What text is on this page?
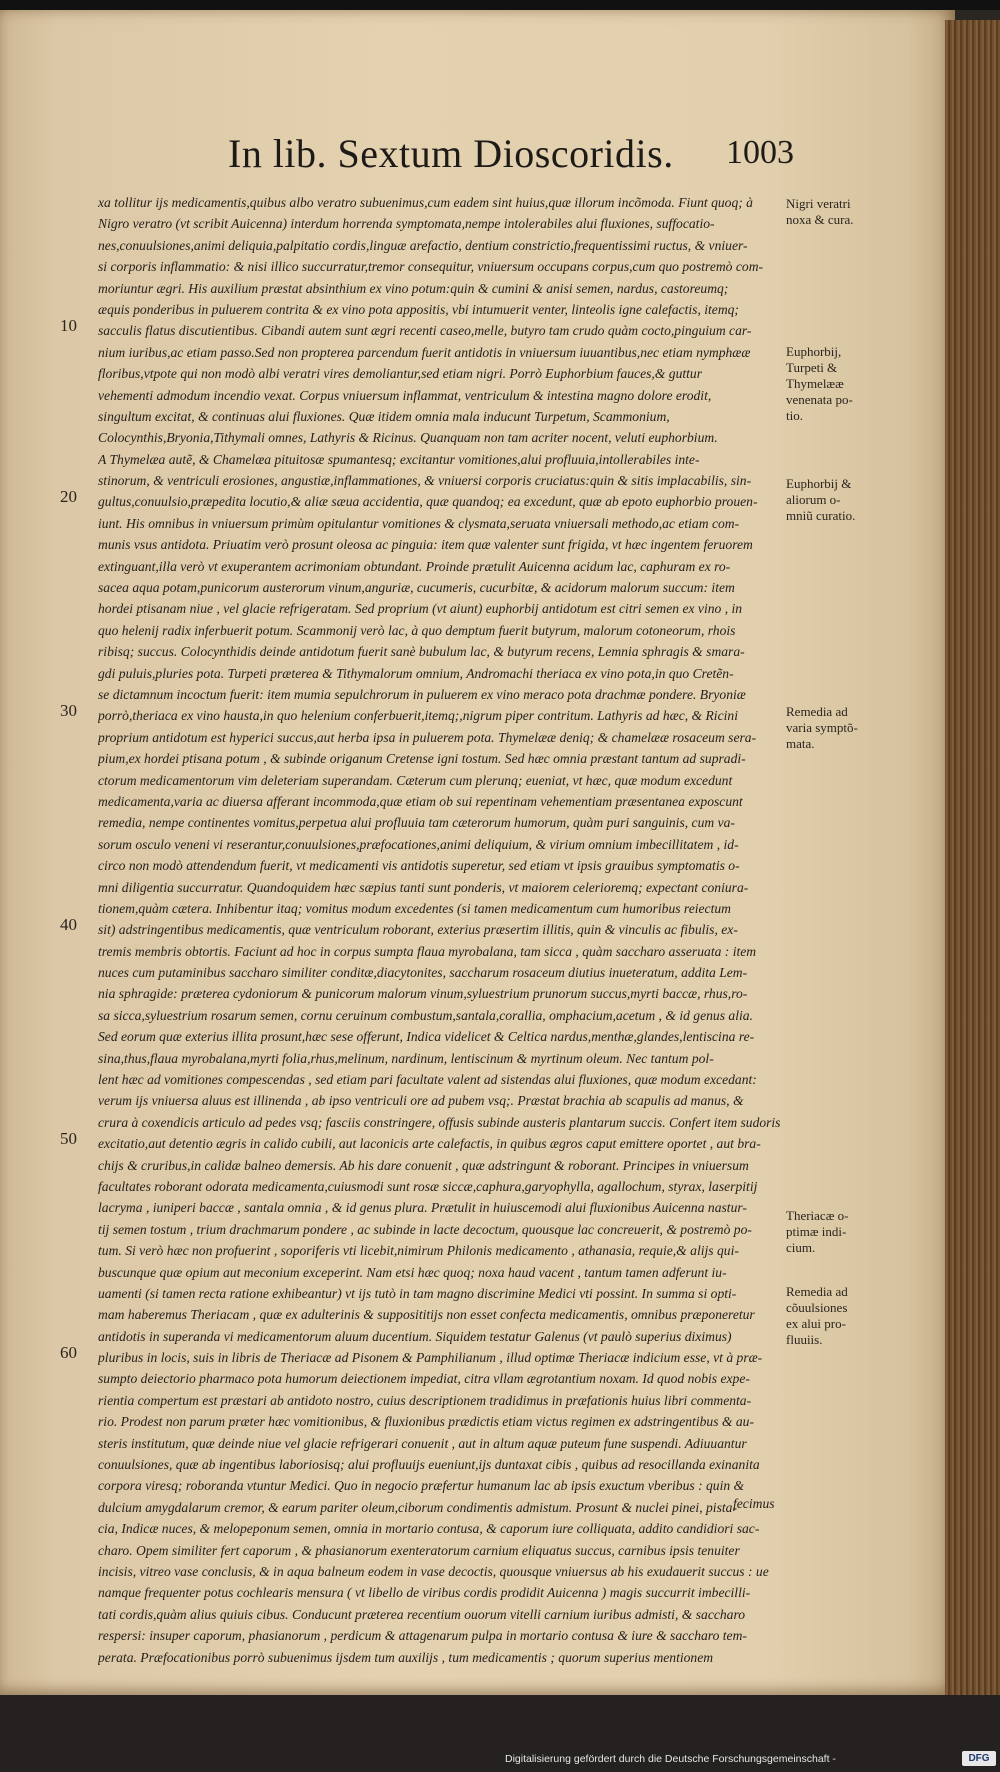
In lib. Sextum Dioscoridis. 1003
10
20
30
40
50
60
xa tollitur ijs medicamentis,quibus albo veratro subuenimus,cum eadem sint huius,quæ illorum incõmoda. Fiunt quoq; à
Nigro veratro (vt scribit Auicenna) interdum horrenda symptomata,nempe intolerabiles alui fluxiones, suffocatio-
nes,conuulsiones,animi deliquia,palpitatio cordis,linguæ arefactio, dentium constrictio,frequentissimi ructus, & vniuer-
si corporis inflammatio: & nisi illico succurratur,tremor consequitur, vniuersum occupans corpus,cum quo postremò com-
moriuntur ægri. His auxilium præstat absinthium ex vino potum:quin & cumini & anisi semen, nardus, castoreumq;
æquis ponderibus in puluerem contrita & ex vino pota appositis, vbi intumuerit venter, linteolis igne calefactis, itemq;
sacculis flatus discutientibus. Cibandi autem sunt ægri recenti caseo,melle, butyro tam crudo quàm cocto,pinguium car-
nium iuribus,ac etiam passo.Sed non propterea parcendum fuerit antidotis in vniuersum iuuantibus,nec etiam nymphææ
floribus,vtpote qui non modò albi veratri vires demoliantur,sed etiam nigri. Porrò Euphorbium fauces,& guttur
vehementi admodum incendio vexat. Corpus vniuersum inflammat, ventriculum & intestina magno dolore erodit,
singultum excitat, & continuas alui fluxiones. Quæ itidem omnia mala inducunt Turpetum, Scammonium,
Colocynthis,Bryonia,Tithymali omnes, Lathyris & Ricinus. Quanquam non tam acriter nocent, veluti euphorbium.
A Thymelæa autẽ, & Chamelæa pituitosæ spumantesq; excitantur vomitiones,alui profluuia,intollerabiles inte-
stinorum, & ventriculi erosiones, angustiæ,inflammationes, & vniuersi corporis cruciatus:quin & sitis implacabilis, sin-
gultus,conuulsio,præpedita locutio,& aliæ sæua accidentia, quæ quandoq; ea excedunt, quæ ab epoto euphorbio prouen-
iunt. His omnibus in vniuersum primùm opitulantur vomitiones & clysmata,seruata vniuersali methodo,ac etiam com-
munis vsus antidota. Priuatim verò prosunt oleosa ac pinguia: item quæ valenter sunt frigida, vt hæc ingentem feruorem
extinguant,illa verò vt exuperantem acrimoniam obtundant. Proinde prætulit Auicenna acidum lac, caphuram ex ro-
sacea aqua potam,punicorum austerorum vinum,anguriæ, cucumeris, cucurbitæ, & acidorum malorum succum: item
hordei ptisanam niue , vel glacie refrigeratam. Sed proprium (vt aiunt) euphorbij antidotum est citri semen ex vino , in
quo helenij radix inferbuerit potum. Scammonij verò lac, à quo demptum fuerit butyrum, malorum cotoneorum, rhois
ribisq; succus. Colocynthidis deinde antidotum fuerit sanè bubulum lac, & butyrum recens, Lemnia sphragis & smara-
gdi puluis,pluries pota. Turpeti præterea & Tithymalorum omnium, Andromachi theriaca ex vino pota,in quo Cretẽn-
se dictamnum incoctum fuerit: item mumia sepulchrorum in puluerem ex vino meraco pota drachmæ pondere. Bryoniæ
porrò,theriaca ex vino hausta,in quo helenium conferbuerit,itemq;,nigrum piper contritum. Lathyris ad hæc, & Ricini
proprium antidotum est hyperici succus,aut herba ipsa in puluerem pota. Thymelææ deniq; & chamelææ rosaceum sera-
pium,ex hordei ptisana potum , & subinde origanum Cretense igni tostum. Sed hæc omnia præstant tantum ad supradi-
ctorum medicamentorum vim deleteriam superandam. Cæterum cum plerunq; eueniat, vt hæc, quæ modum excedunt
medicamenta,varia ac diuersa afferant incommoda,quæ etiam ob sui repentinam vehementiam præsentanea exposcunt
remedia, nempe continentes vomitus,perpetua alui profluuia tam cæterorum humorum, quàm puri sanguinis, cum va-
sorum osculo veneni vi reserantur,conuulsiones,præfocationes,animi deliquium, & virium omnium imbecillitatem , id-
circo non modò attendendum fuerit, vt medicamenti vis antidotis superetur, sed etiam vt ipsis grauibus symptomatis o-
mni diligentia succurratur. Quandoquidem hæc sæpius tanti sunt ponderis, vt maiorem celerioremq; expectant coniura-
tionem,quàm cætera. Inhibentur itaq; vomitus modum excedentes (si tamen medicamentum cum humoribus reiectum
sit) adstringentibus medicamentis, quæ ventriculum roborant, exterius præsertim illitis, quin & vinculis ac fibulis, ex-
tremis membris obtortis. Faciunt ad hoc in corpus sumpta flaua myrobalana, tam sicca , quàm saccharo asseruata : item
nuces cum putaminibus saccharo similiter conditæ,diacytonites, saccharum rosaceum diutius inueteratum, addita Lem-
nia sphragide: præterea cydoniorum & punicorum malorum vinum,syluestrium prunorum succus,myrti baccæ, rhus,ro-
sa sicca,syluestrium rosarum semen, cornu ceruinum combustum,santala,corallia, omphacium,acetum , & id genus alia.
Sed eorum quæ exterius illita prosunt,hæc sese offerunt, Indica videlicet & Celtica nardus,menthæ,glandes,lentiscina re-
sina,thus,flaua myrobalana,myrti folia,rhus,melinum, nardinum, lentiscinum & myrtinum oleum. Nec tantum pol-
lent hæc ad vomitiones compescendas , sed etiam pari facultate valent ad sistendas alui fluxiones, quæ modum excedant:
verum ijs vniuersa aluus est illinenda , ab ipso ventriculi ore ad pubem vsq;. Præstat brachia ab scapulis ad manus, &
crura à coxendicis articulo ad pedes vsq; fasciis constringere, offusis subinde austeris plantarum succis. Confert item sudoris
excitatio,aut detentio ægris in calido cubili, aut laconicis arte calefactis, in quibus ægros caput emittere oportet , aut bra-
chijs & cruribus,in calidæ balneo demersis. Ab his dare conuenit , quæ adstringunt & roborant. Principes in vniuersum
facultates roborant odorata medicamenta,cuiusmodi sunt rosæ siccæ,caphura,garyophylla, agallochum, styrax, laserpitij
lacryma , iuniperi baccæ , santala omnia , & id genus plura. Prætulit in huiuscemodi alui fluxionibus Auicenna nastur-
tij semen tostum , trium drachmarum pondere , ac subinde in lacte decoctum, quousque lac concreuerit, & postremò po-
tum. Si verò hæc non profuerint , soporiferis vti licebit,nimirum Philonis medicamento , athanasia, requie,& alijs qui-
buscunque quæ opium aut meconium exceperint. Nam etsi hæc quoq; noxa haud vacent , tantum tamen adferunt iu-
uamenti (si tamen recta ratione exhibeantur) vt ijs tutò in tam magno discrimine Medici vti possint. In summa si opti-
mam haberemus Theriacam , quæ ex adulterinis & supposititijs non esset confecta medicamentis, omnibus præponeretur
antidotis in superanda vi medicamentorum aluum ducentium. Siquidem testatur Galenus (vt paulò superius diximus)
pluribus in locis, suis in libris de Theriacæ ad Pisonem & Pamphilianum , illud optimæ Theriacæ indicium esse, vt à præ-
sumpto deiectorio pharmaco pota humorum deiectionem impediat, citra vllam ægrotantium noxam. Id quod nobis expe-
rientia compertum est præstari ab antidoto nostro, cuius descriptionem tradidimus in præfationis huius libri commenta-
rio. Prodest non parum præter hæc vomitionibus, & fluxionibus prædictis etiam victus regimen ex adstringentibus & au-
steris institutum, quæ deinde niue vel glacie refrigerari conuenit , aut in altum aquæ puteum fune suspendi. Adiuuantur
conuulsiones, quæ ab ingentibus laboriosisq; alui profluuijs eueniunt,ijs duntaxat cibis , quibus ad resocillanda exinanita
corpora viresq; roboranda vtuntur Medici. Quo in negocio præfertur humanum lac ab ipsis exuctum vberibus : quin &
dulcium amygdalarum cremor, & earum pariter oleum,ciborum condimentis admistum. Prosunt & nuclei pinei, pista-
cia, Indicæ nuces, & melopeponum semen, omnia in mortario contusa, & caporum iure colliquata, addito candidiori sac-
charo. Opem similiter fert caporum , & phasianorum exenteratorum carnium eliquatus succus, carnibus ipsis tenuiter
incisis, vitreo vase conclusis, & in aqua balneum eodem in vase decoctis, quousque vniuersus ab his exudauerit succus : ue
namque frequenter potus cochlearis mensura ( vt libello de viribus cordis prodidit Auicenna ) magis succurrit imbecilli-
tati cordis,quàm alius quiuis cibus. Conducunt præterea recentium ouorum vitelli carnium iuribus admisti, & saccharo
respersi: insuper caporum, phasianorum , perdicum & attagenarum pulpa in mortario contusa & iure & saccharo tem-
perata. Præfocationibus porrò subuenimus ijsdem tum auxilijs , tum medicamentis ; quorum superius mentionem
Nigri veratri
noxa & cura.
Euphorbij,
Turpeti &
Thymelææ
venenata po-
tio.
Euphorbij &
aliorum o-
mniũ curatio.
Remedia ad
varia symptõ-
mata.
Theriacæ o-
ptimæ indi-
cium.
Remedia ad
cõuulsiones
ex alui pro-
fluuiis.
fecimus
Digitalisierung gefördert durch die Deutsche Forschungsgemeinschaft -	DFG
